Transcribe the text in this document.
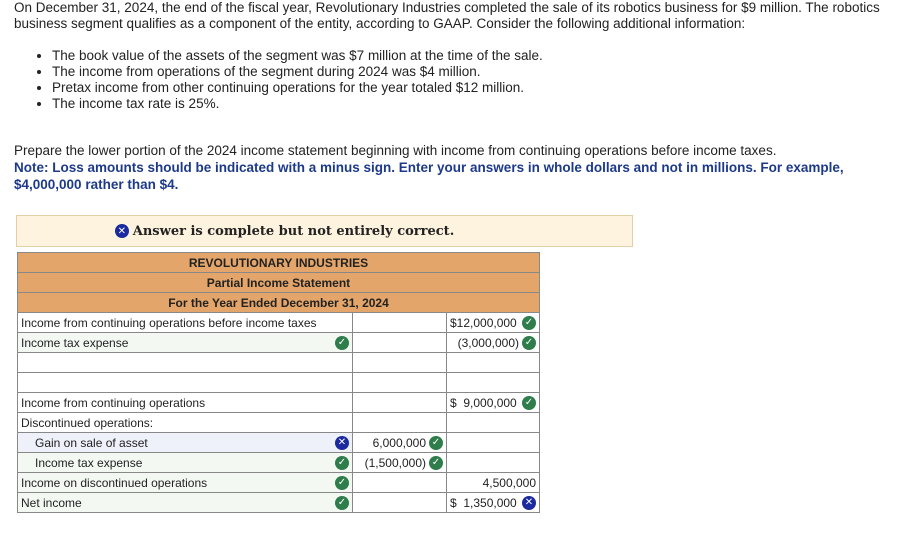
On December 31, 2024, the end of the fiscal year, Revolutionary Industries completed the sale of its robotics business for $9 million. The robotics business segment qualifies as a component of the entity, according to GAAP. Consider the following additional information:
• The book value of the assets of the segment was $7 million at the time of the sale.
• The income from operations of the segment during 2024 was $4 million.
• Pretax income from other continuing operations for the year totaled $12 million.
• The income tax rate is 25%.
Prepare the lower portion of the 2024 income statement beginning with income from continuing operations before income taxes.
Note: Loss amounts should be indicated with a minus sign. Enter your answers in whole dollars and not in millions. For example, $4,000,000 rather than $4.
✕ Answer is complete but not entirely correct.
REVOLUTIONARY INDUSTRIES		
Partial Income Statement		
For the Year Ended December 31, 2024		

Income from continuing operations before income taxes		$12,000,000 ✓

Income tax expense ✓		(3,000,000) ✓

Income from continuing operations		$  9,000,000 ✓

Discontinued operations:		

Gain on sale of asset ✕	6,000,000 ✓	

Income tax expense ✓	(1,500,000) ✓	

Income on discontinued operations ✓		4,500,000

Net income ✓		$  1,350,000 ✕
